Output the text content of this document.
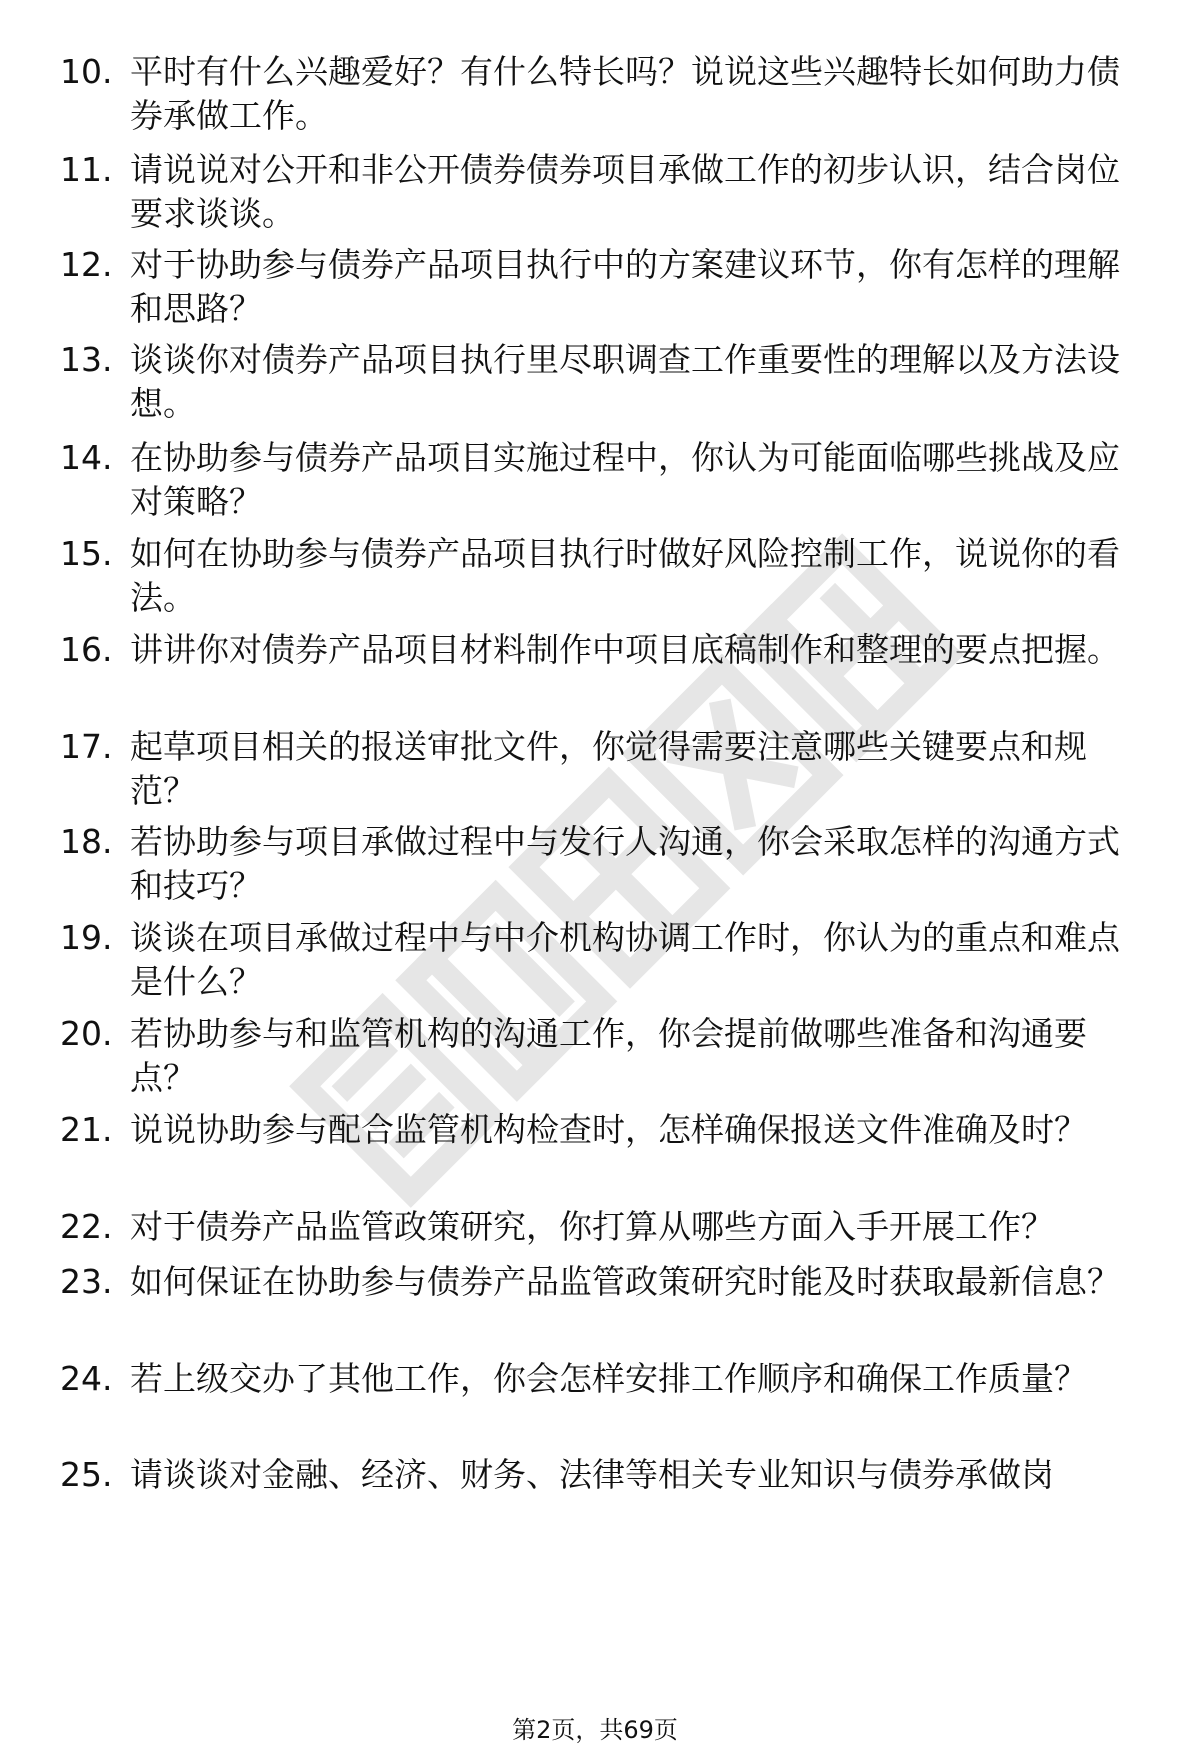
10. 平时有什么兴趣爱好？有什么特长吗？说说这些兴趣特长如何助力债券承做工作。
11. 请说说对公开和非公开债券债券项目承做工作的初步认识，结合岗位要求谈谈。
12. 对于协助参与债券产品项目执行中的方案建议环节，你有怎样的理解和思路？
13. 谈谈你对债券产品项目执行里尽职调查工作重要性的理解以及方法设想。
14. 在协助参与债券产品项目实施过程中，你认为可能面临哪些挑战及应对策略？
15. 如何在协助参与债券产品项目执行时做好风险控制工作，说说你的看法。
16. 讲讲你对债券产品项目材料制作中项目底稿制作和整理的要点把握。
17. 起草项目相关的报送审批文件，你觉得需要注意哪些关键要点和规范？
18. 若协助参与项目承做过程中与发行人沟通，你会采取怎样的沟通方式和技巧？
19. 谈谈在项目承做过程中与中介机构协调工作时，你认为的重点和难点是什么？
20. 若协助参与和监管机构的沟通工作，你会提前做哪些准备和沟通要点？
21. 说说协助参与配合监管机构检查时，怎样确保报送文件准确及时？
22. 对于债券产品监管政策研究，你打算从哪些方面入手开展工作？
23. 如何保证在协助参与债券产品监管政策研究时能及时获取最新信息？
24. 若上级交办了其他工作，你会怎样安排工作顺序和确保工作质量？
25. 请谈谈对金融、经济、财务、法律等相关专业知识与债券承做岗
第2页，共69页
